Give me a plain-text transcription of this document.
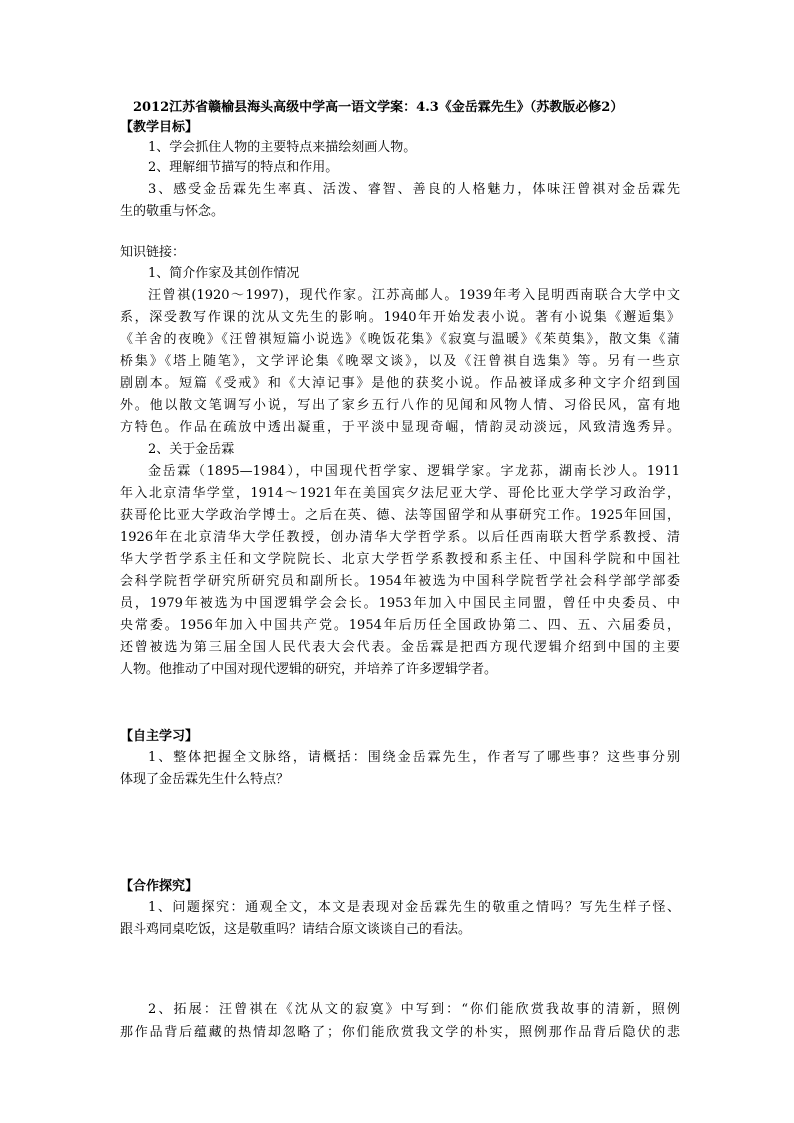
2012江苏省赣榆县海头高级中学高一语文学案：4.3《金岳霖先生》（苏教版必修2）
【教学目标】
1、学会抓住人物的主要特点来描绘刻画人物。
2、理解细节描写的特点和作用。
3、感受金岳霖先生率真、活泼、睿智、善良的人格魅力，体味汪曾祺对金岳霖先
生的敬重与怀念。
知识链接：
1、简介作家及其创作情况
汪曾祺(1920～1997)，现代作家。江苏高邮人。1939年考入昆明西南联合大学中文
系，深受教写作课的沈从文先生的影响。1940年开始发表小说。著有小说集《邂逅集》
《羊舍的夜晚》《汪曾祺短篇小说选》《晚饭花集》《寂寞与温暖》《茱萸集》，散文集《蒲
桥集》《塔上随笔》，文学评论集《晚翠文谈》，以及《汪曾祺自选集》等。另有一些京
剧剧本。短篇《受戒》和《大淖记事》是他的获奖小说。作品被译成多种文字介绍到国
外。他以散文笔调写小说，写出了家乡五行八作的见闻和风物人情、习俗民风，富有地
方特色。作品在疏放中透出凝重，于平淡中显现奇崛，情韵灵动淡远，风致清逸秀异。
2、关于金岳霖
金岳霖（1895—1984），中国现代哲学家、逻辑学家。字龙荪，湖南长沙人。1911
年入北京清华学堂，1914～1921年在美国宾夕法尼亚大学、哥伦比亚大学学习政治学，
获哥伦比亚大学政治学博士。之后在英、德、法等国留学和从事研究工作。1925年回国，
1926年在北京清华大学任教授，创办清华大学哲学系。以后任西南联大哲学系教授、清
华大学哲学系主任和文学院院长、北京大学哲学系教授和系主任、中国科学院和中国社
会科学院哲学研究所研究员和副所长。1954年被选为中国科学院哲学社会科学部学部委
员，1979年被选为中国逻辑学会会长。1953年加入中国民主同盟，曾任中央委员、中
央常委。1956年加入中国共产党。1954年后历任全国政协第二、四、五、六届委员，
还曾被选为第三届全国人民代表大会代表。金岳霖是把西方现代逻辑介绍到中国的主要
人物。他推动了中国对现代逻辑的研究，并培养了许多逻辑学者。
【自主学习】
1、整体把握全文脉络，请概括：围绕金岳霖先生，作者写了哪些事？这些事分别
体现了金岳霖先生什么特点？
【合作探究】
1、问题探究：通观全文，本文是表现对金岳霖先生的敬重之情吗？写先生样子怪、
跟斗鸡同桌吃饭，这是敬重吗？请结合原文谈谈自己的看法。
2、拓展：汪曾祺在《沈从文的寂寞》中写到：“你们能欣赏我故事的清新，照例
那作品背后蕴藏的热情却忽略了；你们能欣赏我文学的朴实，照例那作品背后隐伏的悲
